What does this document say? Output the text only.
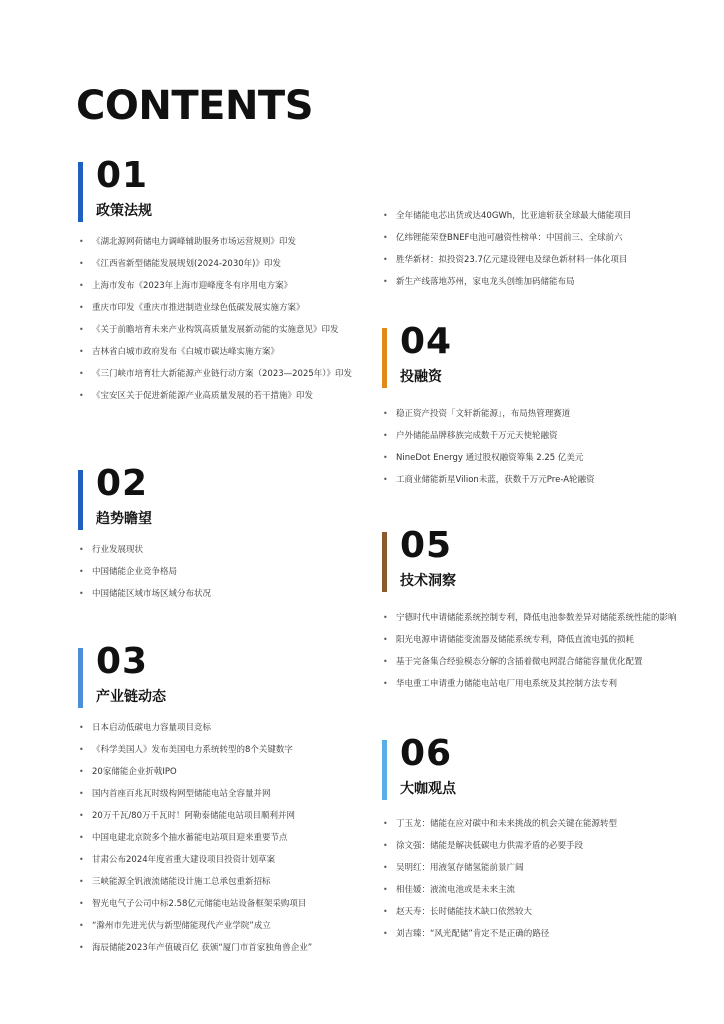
CONTENTS
01
政策法规
• 《湖北源网荷储电力调峰辅助服务市场运营规则》印发
• 《江西省新型储能发展规划(2024-2030年)》印发
• 上海市发布《2023年上海市迎峰度冬有序用电方案》
• 重庆市印发《重庆市推进制造业绿色低碳发展实施方案》
• 《关于前瞻培育未来产业构筑高质量发展新动能的实施意见》印发
• 吉林省白城市政府发布《白城市碳达峰实施方案》
• 《三门峡市培育壮大新能源产业链行动方案（2023—2025年）》印发
• 《宝安区关于促进新能源产业高质量发展的若干措施》印发
02
趋势瞻望
• 行业发展现状
• 中国储能企业竞争格局
• 中国储能区域市场区域分布状况
03
产业链动态
• 日本启动低碳电力容量项目竞标
• 《科学美国人》发布美国电力系统转型的8个关键数字
• 20家储能企业折戟IPO
• 国内首座百兆瓦时级构网型储能电站全容量并网
• 20万千瓦/80万千瓦时！阿勒泰储能电站项目顺利并网
• 中国电建北京院多个抽水蓄能电站项目迎来重要节点
• 甘肃公布2024年度省重大建设项目投资计划草案
• 三峡能源全钒液流储能设计施工总承包重新招标
• 智光电气子公司中标2.58亿元储能电站设备框架采购项目
• “滁州市先进光伏与新型储能现代产业学院”成立
• 海辰储能2023年产值破百亿 获颁“厦门市首家独角兽企业”
• 全年储能电芯出货或达40GWh，比亚迪斩获全球最大储能项目
• 亿纬锂能荣登BNEF电池可融资性榜单：中国前三、全球前六
• 胜华新材：拟投资23.7亿元建设锂电及绿色新材料一体化项目
• 新生产线落地苏州，家电龙头创维加码储能布局
04
投融资
• 稳正资产投资「文轩新能源」，布局热管理赛道
• 户外储能品牌移族完成数千万元天使轮融资
• NineDot Energy 通过股权融资筹集 2.25 亿美元
• 工商业储能新星Vilion未蓝，获数千万元Pre-A轮融资
05
技术洞察
• 宁德时代申请储能系统控制专利，降低电池参数差异对储能系统性能的影响
• 阳光电源申请储能变流器及储能系统专利，降低直流电弧的损耗
• 基于完备集合经验模态分解的含插着微电网混合储能容量优化配置
• 华电重工申请重力储能电站电厂用电系统及其控制方法专利
06
大咖观点
• 丁玉龙：储能在应对碳中和未来挑战的机会关键在能源转型
• 徐文强：储能是解决低碳电力供需矛盾的必要手段
• 吴明红：用液氢存储氢能前景广阔
• 相佳媛：液流电池或是未来主流
• 赵天寿：长时储能技术缺口依然较大
• 刘吉臻：“风光配储”肯定不是正确的路径
